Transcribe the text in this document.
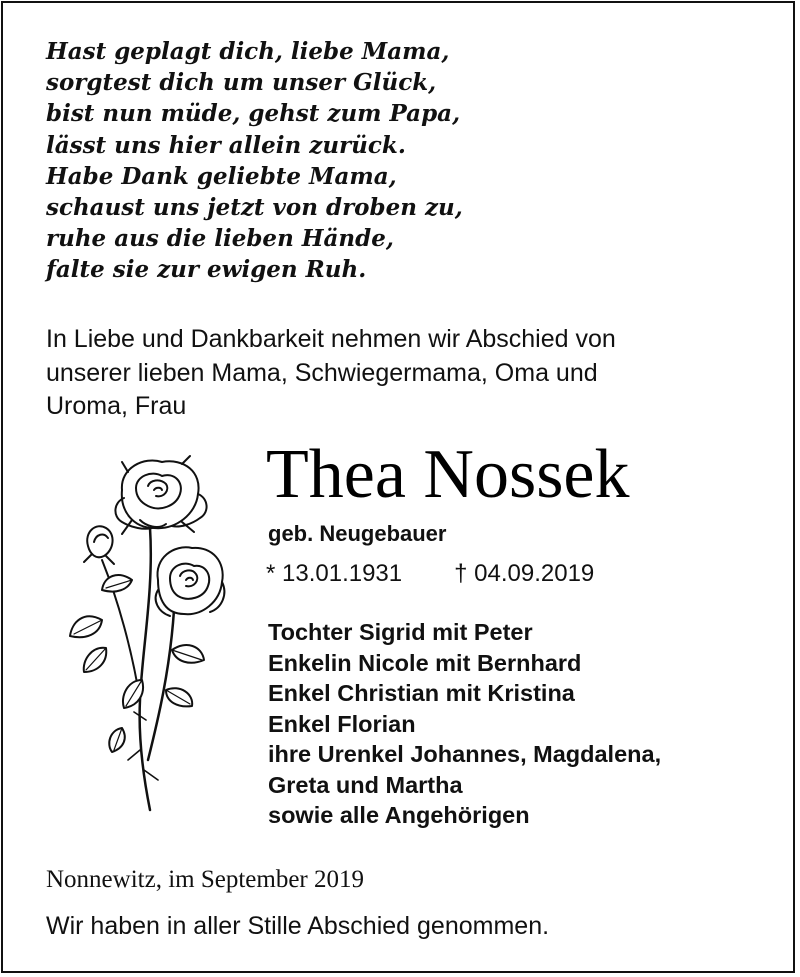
Hast geplagt dich, liebe Mama,
sorgtest dich um unser Glück,
bist nun müde, gehst zum Papa,
lässt uns hier allein zurück.
Habe Dank geliebte Mama,
schaust uns jetzt von droben zu,
ruhe aus die lieben Hände,
falte sie zur ewigen Ruh.
In Liebe und Dankbarkeit nehmen wir Abschied von
unserer lieben Mama, Schwiegermama, Oma und
Uroma, Frau
Thea Nossek
geb. Neugebauer
* 13.01.1931 † 04.09.2019
Tochter Sigrid mit Peter
Enkelin Nicole mit Bernhard
Enkel Christian mit Kristina
Enkel Florian
ihre Urenkel Johannes, Magdalena,
Greta und Martha
sowie alle Angehörigen
Nonnewitz, im September 2019
Wir haben in aller Stille Abschied genommen.
